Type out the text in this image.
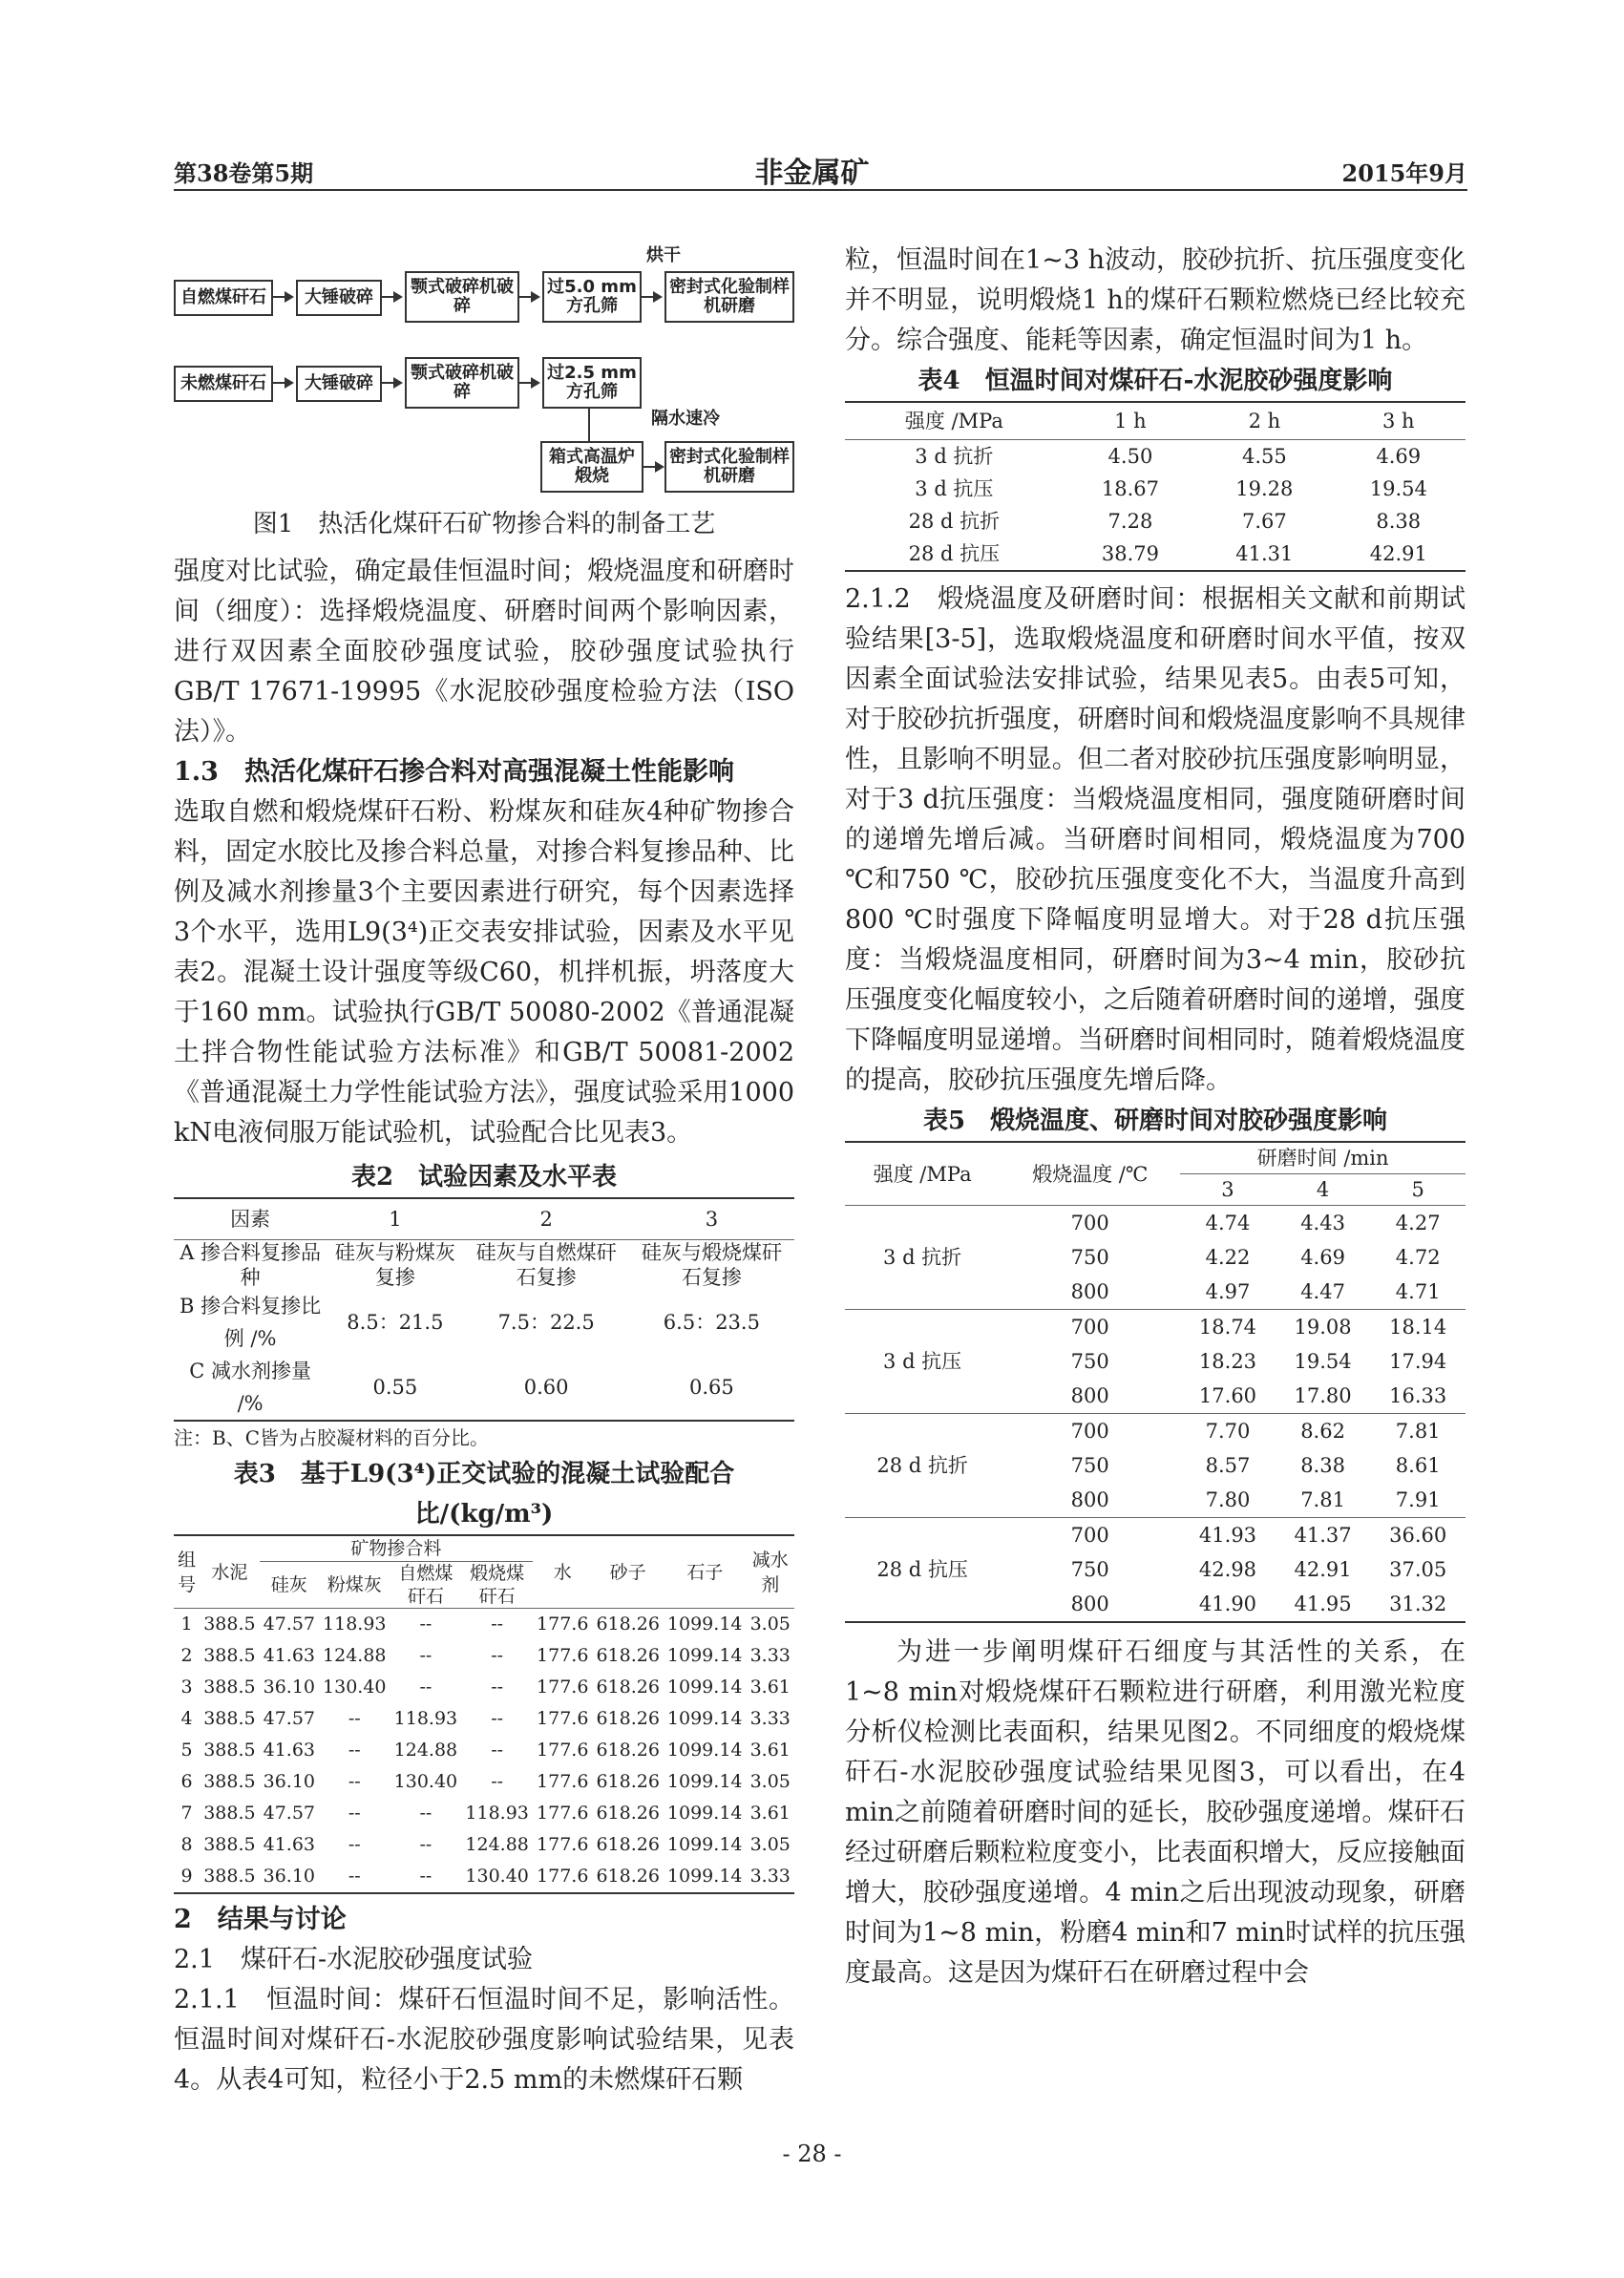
第38卷第5期	非金属矿	2015年9月
自燃煤矸石	大锤破碎
颚式破碎机破碎
过5.0 mm方孔筛
密封式化验制样机研磨
烘干
未燃煤矸石	大锤破碎
颚式破碎机破碎
过2.5 mm方孔筛
隔水速冷
箱式高温炉煅烧
密封式化验制样机研磨

图1　热活化煤矸石矿物掺合料的制备工艺

强度对比试验，确定最佳恒温时间；煅烧温度和研磨时间（细度）：选择煅烧温度、研磨时间两个影响因素，进行双因素全面胶砂强度试验，胶砂强度试验执行GB/T 17671-19995《水泥胶砂强度检验方法（ISO法）》。

1.3　热活化煤矸石掺合料对高强混凝土性能影响

选取自燃和煅烧煤矸石粉、粉煤灰和硅灰4种矿物掺合料，固定水胶比及掺合料总量，对掺合料复掺品种、比例及减水剂掺量3个主要因素进行研究，每个因素选择3个水平，选用L9(3⁴)正交表安排试验，因素及水平见表2。混凝土设计强度等级C60，机拌机振，坍落度大于160 mm。试验执行GB/T 50080-2002《普通混凝土拌合物性能试验方法标准》和GB/T 50081-2002《普通混凝土力学性能试验方法》，强度试验采用1000 kN电液伺服万能试验机，试验配合比见表3。

表2　试验因素及水平表

因素	1	2	3
A 掺合料复掺品种	硅灰与粉煤灰复掺	硅灰与自燃煤矸石复掺	硅灰与煅烧煤矸石复掺
B 掺合料复掺比例 /%	8.5：21.5	7.5：22.5	6.5：23.5
C 减水剂掺量 /%	0.55	0.60	0.65

注：B、C皆为占胶凝材料的百分比。

表3　基于L9(3⁴)正交试验的混凝土试验配合比/(kg/m³)

组号	水泥	矿物掺合料				水	砂子	石子	减水剂
		硅灰	粉煤灰	自燃煤矸石	煅烧煤矸石				
1	388.5	47.57	118.93	--	--	177.6	618.26	1099.14	3.05
2	388.5	41.63	124.88	--	--	177.6	618.26	1099.14	3.33
3	388.5	36.10	130.40	--	--	177.6	618.26	1099.14	3.61
4	388.5	47.57	--	118.93	--	177.6	618.26	1099.14	3.33
5	388.5	41.63	--	124.88	--	177.6	618.26	1099.14	3.61
6	388.5	36.10	--	130.40	--	177.6	618.26	1099.14	3.05
7	388.5	47.57	--	--	118.93	177.6	618.26	1099.14	3.61
8	388.5	41.63	--	--	124.88	177.6	618.26	1099.14	3.05
9	388.5	36.10	--	--	130.40	177.6	618.26	1099.14	3.33

2　结果与讨论

2.1　煤矸石-水泥胶砂强度试验

2.1.1　恒温时间：煤矸石恒温时间不足，影响活性。恒温时间对煤矸石-水泥胶砂强度影响试验结果，见表4。从表4可知，粒径小于2.5 mm的未燃煤矸石颗

粒，恒温时间在1~3 h波动，胶砂抗折、抗压强度变化并不明显，说明煅烧1 h的煤矸石颗粒燃烧已经比较充分。综合强度、能耗等因素，确定恒温时间为1 h。

表4　恒温时间对煤矸石-水泥胶砂强度影响

强度 /MPa	1 h	2 h	3 h
3 d 抗折	4.50	4.55	4.69
3 d 抗压	18.67	19.28	19.54
28 d 抗折	7.28	7.67	8.38
28 d 抗压	38.79	41.31	42.91

2.1.2　煅烧温度及研磨时间：根据相关文献和前期试验结果[3-5]，选取煅烧温度和研磨时间水平值，按双因素全面试验法安排试验，结果见表5。由表5可知，对于胶砂抗折强度，研磨时间和煅烧温度影响不具规律性，且影响不明显。但二者对胶砂抗压强度影响明显，对于3 d抗压强度：当煅烧温度相同，强度随研磨时间的递增先增后减。当研磨时间相同，煅烧温度为700 ℃和750 ℃，胶砂抗压强度变化不大，当温度升高到800 ℃时强度下降幅度明显增大。对于28 d抗压强度：当煅烧温度相同，研磨时间为3~4 min，胶砂抗压强度变化幅度较小，之后随着研磨时间的递增，强度下降幅度明显递增。当研磨时间相同时，随着煅烧温度的提高，胶砂抗压强度先增后降。

表5　煅烧温度、研磨时间对胶砂强度影响

强度 /MPa	煅烧温度 /℃	研磨时间 /min		
		3	4	5
3 d 抗折	700	4.74	4.43	4.27
	750	4.22	4.69	4.72
	800	4.97	4.47	4.71
3 d 抗压	700	18.74	19.08	18.14
	750	18.23	19.54	17.94
	800	17.60	17.80	16.33
28 d 抗折	700	7.70	8.62	7.81
	750	8.57	8.38	8.61
	800	7.80	7.81	7.91
28 d 抗压	700	41.93	41.37	36.60
	750	42.98	42.91	37.05
	800	41.90	41.95	31.32

为进一步阐明煤矸石细度与其活性的关系，在1~8 min对煅烧煤矸石颗粒进行研磨，利用激光粒度分析仪检测比表面积，结果见图2。不同细度的煅烧煤矸石-水泥胶砂强度试验结果见图3，可以看出，在4 min之前随着研磨时间的延长，胶砂强度递增。煤矸石经过研磨后颗粒粒度变小，比表面积增大，反应接触面增大，胶砂强度递增。4 min之后出现波动现象，研磨时间为1~8 min，粉磨4 min和7 min时试样的抗压强度最高。这是因为煤矸石在研磨过程中会

- 28 -
